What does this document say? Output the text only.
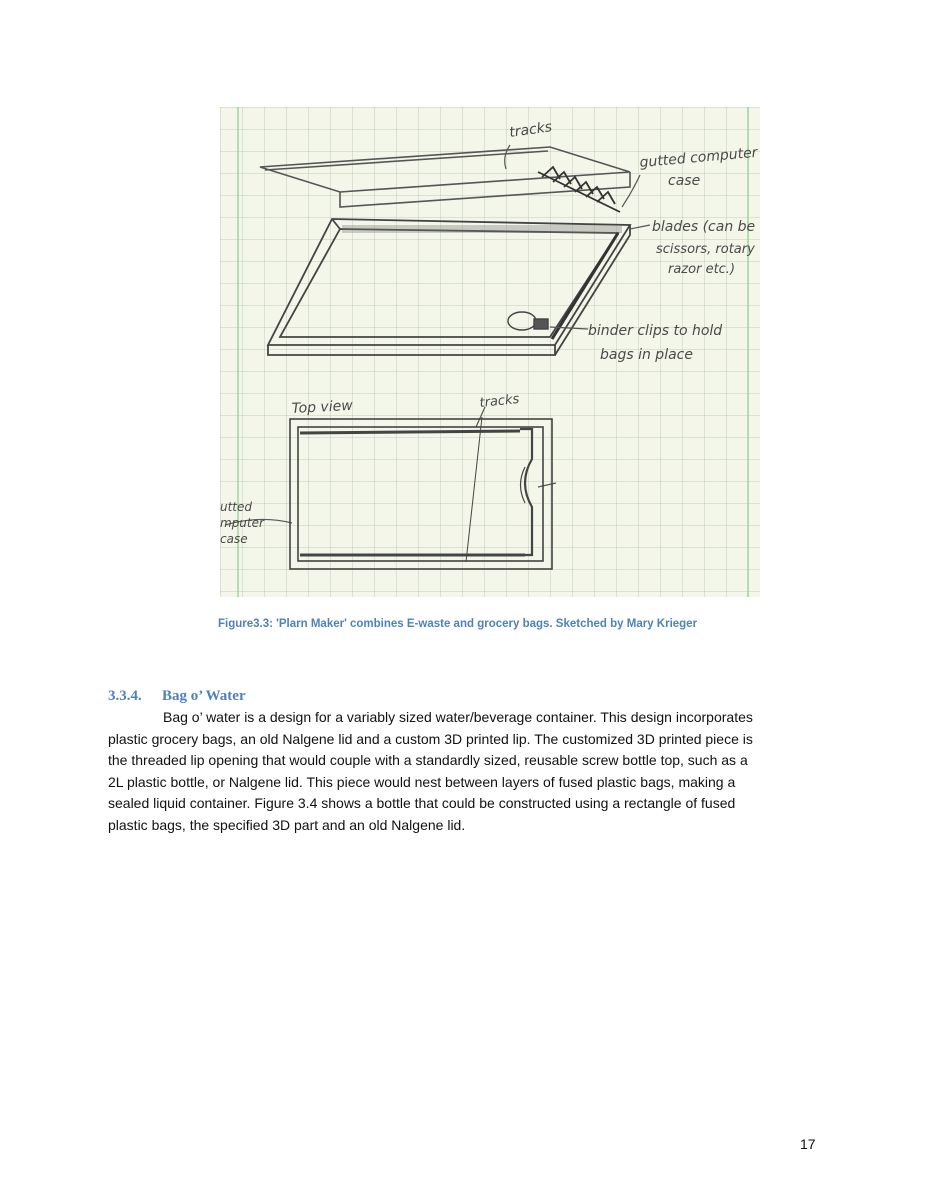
tracks
gutted computer
case
blades (can be
scissors, rotary
razor etc.)
binder clips to hold
bags in place
Top view	tracks
utted
mputer
case
Figure3.3: 'Plarn Maker' combines E-waste and grocery bags. Sketched by Mary Krieger
3.3.4. Bag o’ Water
Bag o’ water is a design for a variably sized water/beverage container. This design incorporates
plastic grocery bags, an old Nalgene lid and a custom 3D printed lip. The customized 3D printed piece is
the threaded lip opening that would couple with a standardly sized, reusable screw bottle top, such as a
2L plastic bottle, or Nalgene lid. This piece would nest between layers of fused plastic bags, making a
sealed liquid container. Figure 3.4 shows a bottle that could be constructed using a rectangle of fused
plastic bags, the specified 3D part and an old Nalgene lid.
17
